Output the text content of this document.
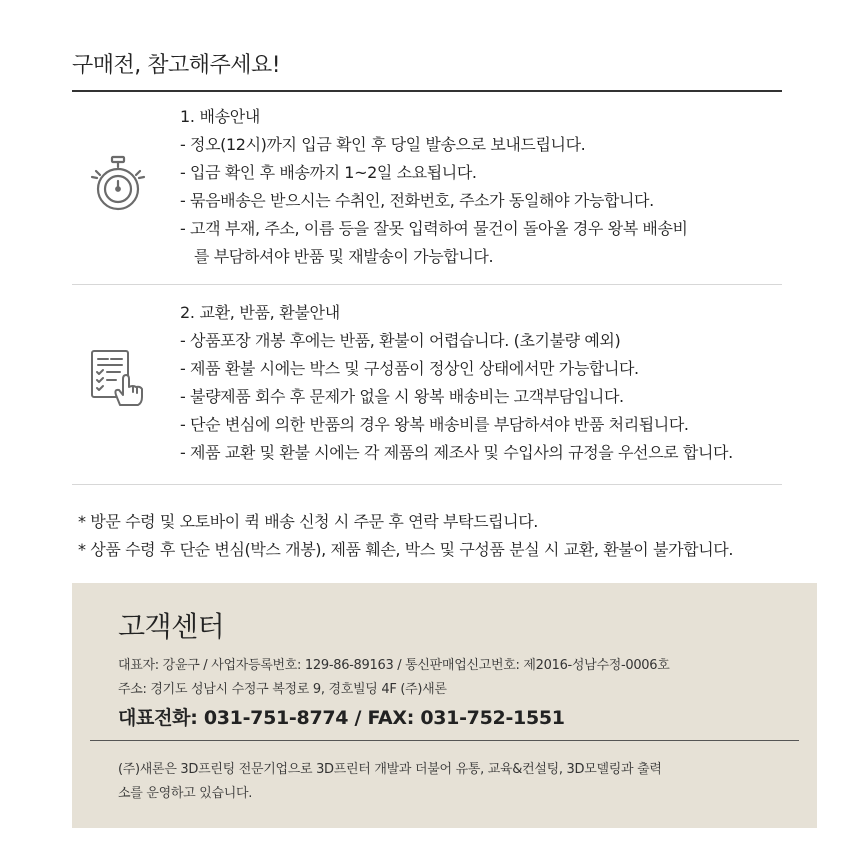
구매전, 참고해주세요!
1. 배송안내
- 정오(12시)까지 입금 확인 후 당일 발송으로 보내드립니다.
- 입금 확인 후 배송까지 1~2일 소요됩니다.
- 묶음배송은 받으시는 수취인, 전화번호, 주소가 동일해야 가능합니다.
- 고객 부재, 주소, 이름 등을 잘못 입력하여 물건이 돌아올 경우 왕복 배송비
를 부담하셔야 반품 및 재발송이 가능합니다.
2. 교환, 반품, 환불안내
- 상품포장 개봉 후에는 반품, 환불이 어렵습니다. (초기불량 예외)
- 제품 환불 시에는 박스 및 구성품이 정상인 상태에서만 가능합니다.
- 불량제품 회수 후 문제가 없을 시 왕복 배송비는 고객부담입니다.
- 단순 변심에 의한 반품의 경우 왕복 배송비를 부담하셔야 반품 처리됩니다.
- 제품 교환 및 환불 시에는 각 제품의 제조사 및 수입사의 규정을 우선으로 합니다.
* 방문 수령 및 오토바이 퀵 배송 신청 시 주문 후 연락 부탁드립니다.
* 상품 수령 후 단순 변심(박스 개봉), 제품 훼손, 박스 및 구성품 분실 시 교환, 환불이 불가합니다.
고객센터
대표자: 강윤구 / 사업자등록번호: 129-86-89163 / 통신판매업신고번호: 제2016-성남수정-0006호
주소: 경기도 성남시 수정구 복정로 9, 경호빌딩 4F (주)새론
대표전화: 031-751-8774 / FAX: 031-752-1551
(주)새론은 3D프린팅 전문기업으로 3D프린터 개발과 더불어 유통, 교육&컨설팅, 3D모델링과 출력
소를 운영하고 있습니다.
